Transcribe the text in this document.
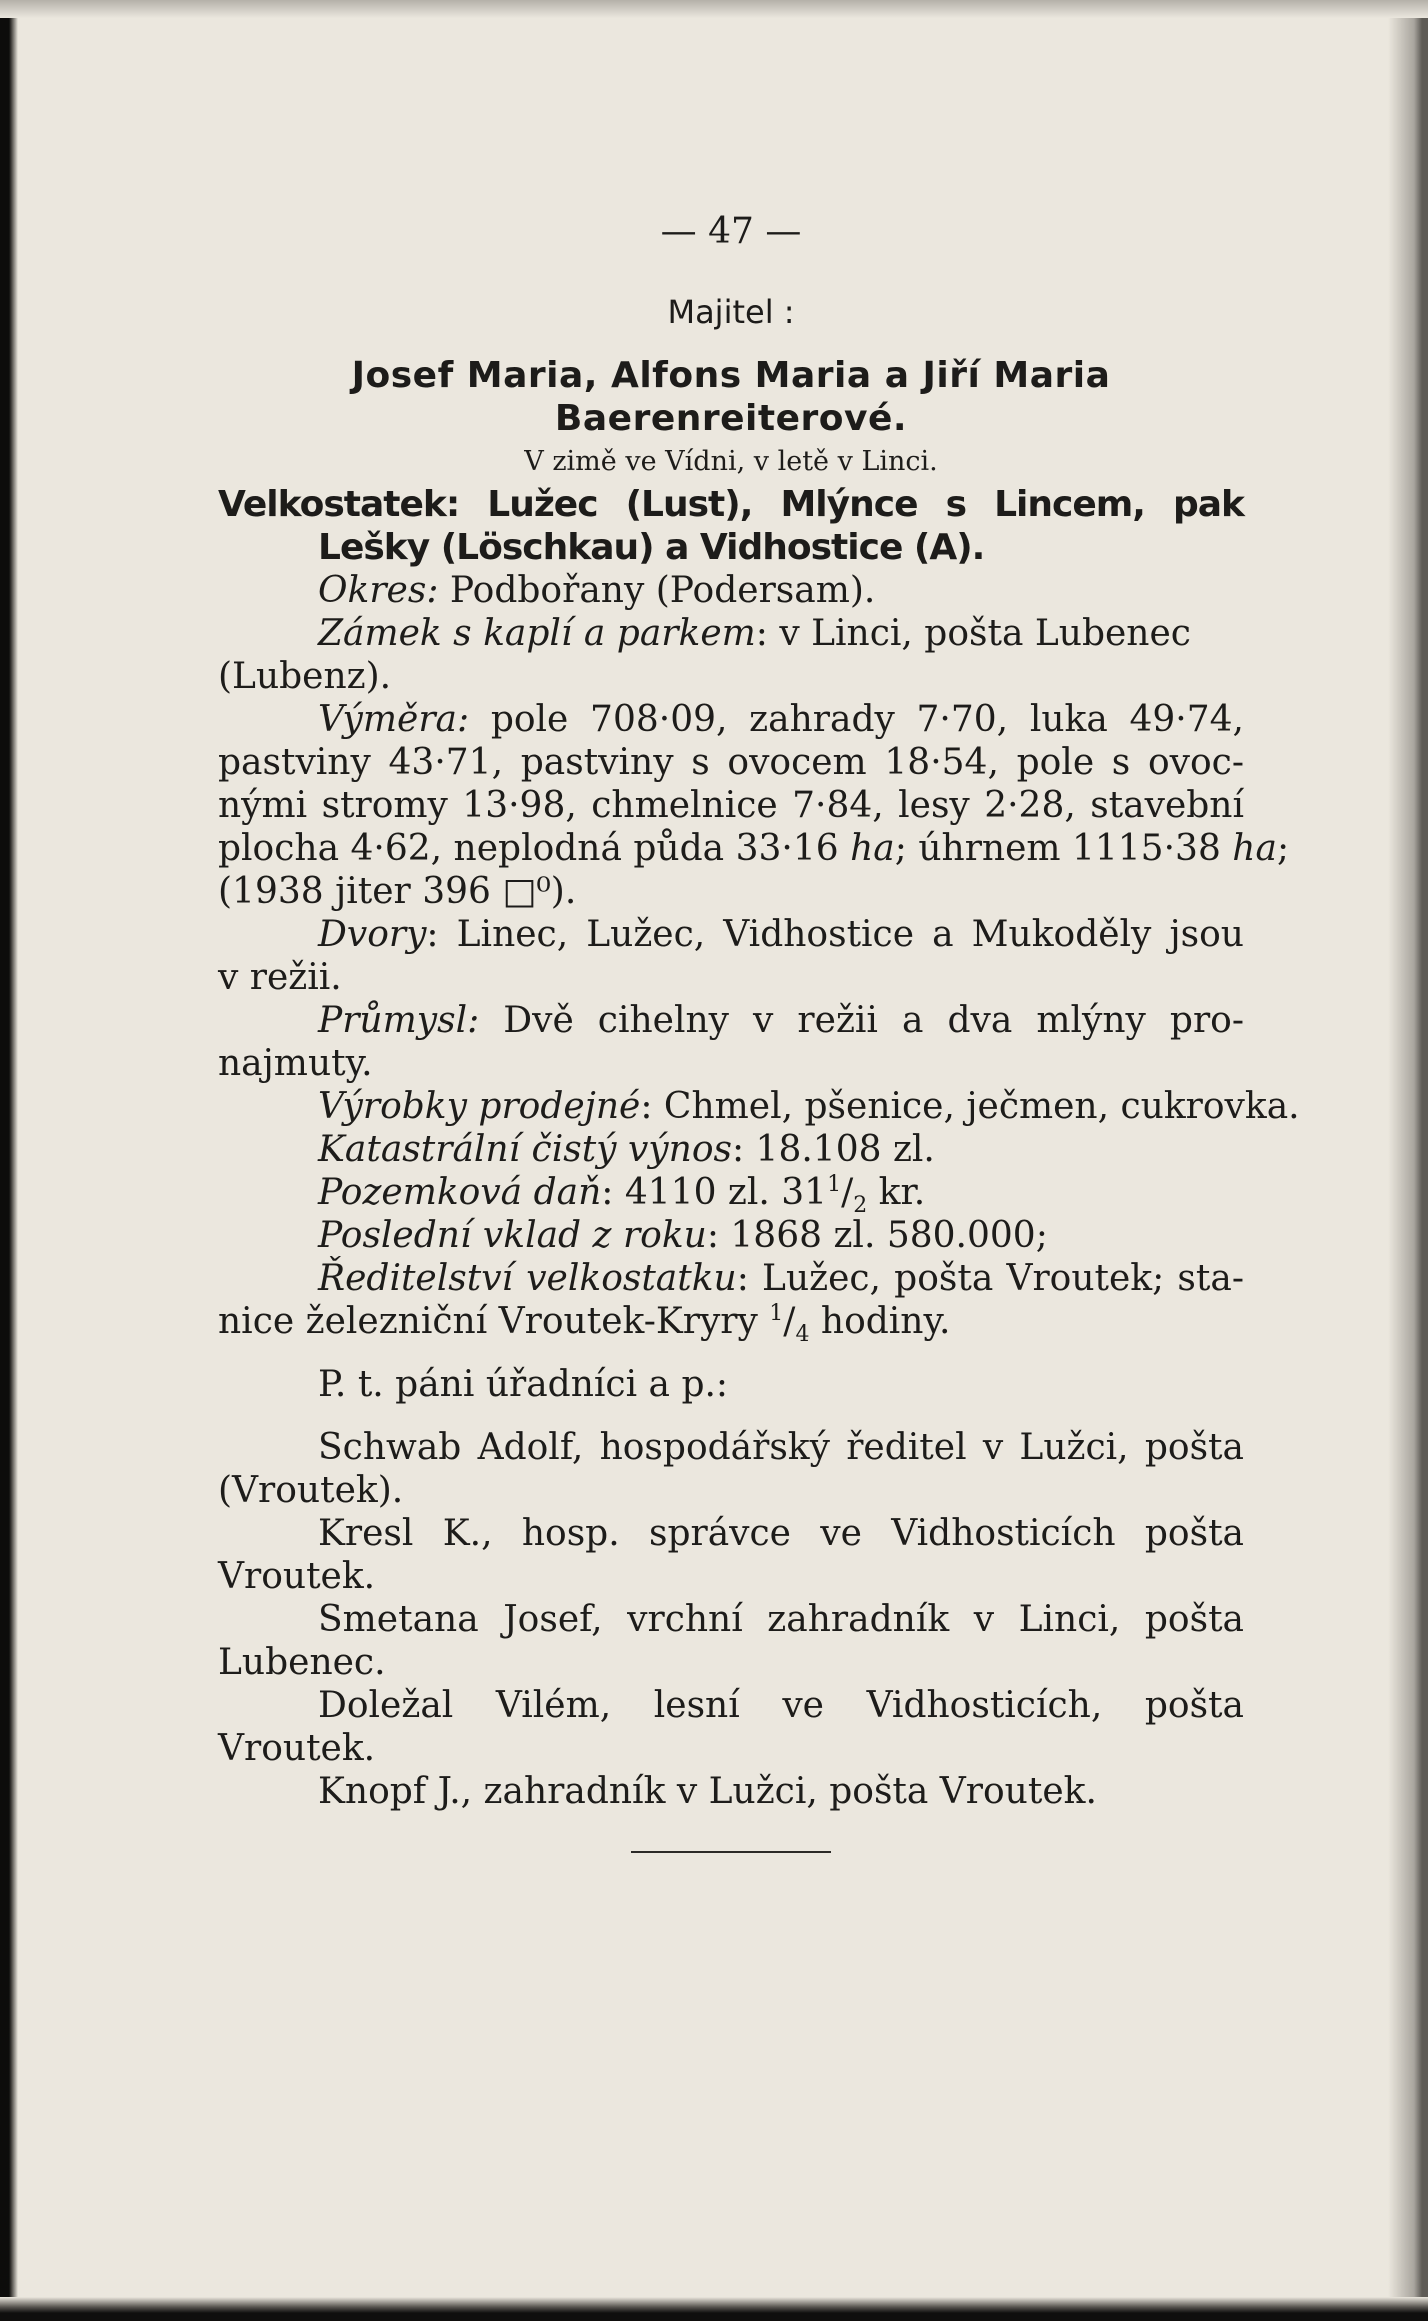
— 47 —
Majitel :
Josef Maria, Alfons Maria a Jiří Maria
Baerenreiterové.
V zimě ve Vídni, v letě v Linci.
Velkostatek: Lužec (Lust), Mlýnce s Lincem, pak
Lešky (Löschkau) a Vidhostice (A).
Okres: Podbořany (Podersam).
Zámek s kaplí a parkem: v Linci, pošta Lubenec
(Lubenz).
Výměra: pole 708·09, zahrady 7·70, luka 49·74,
pastviny 43·71, pastviny s ovocem 18·54, pole s ovoc-
nými stromy 13·98, chmelnice 7·84, lesy 2·28, stavební
plocha 4·62, neplodná půda 33·16 ha; úhrnem 1115·38 ha;
(1938 jiter 396 □⁰).
Dvory: Linec, Lužec, Vidhostice a Mukoděly jsou
v režii.
Průmysl: Dvě cihelny v režii a dva mlýny pro-
najmuty.
Výrobky prodejné: Chmel, pšenice, ječmen, cukrovka.
Katastrální čistý výnos: 18.108 zl.
Pozemková daň: 4110 zl. $31^1/_2$ kr.
Poslední vklad z roku: 1868 zl. 580.000;
Ředitelství velkostatku: Lužec, pošta Vroutek; sta-
nice železniční Vroutek-Kryry $^1/_4$ hodiny.
P. t. páni úřadníci a p.:
Schwab Adolf, hospodářský ředitel v Lužci, pošta
(Vroutek).
Kresl K., hosp. správce ve Vidhosticích pošta
Vroutek.
Smetana Josef, vrchní zahradník v Linci, pošta
Lubenec.
Doležal Vilém, lesní ve Vidhosticích, pošta
Vroutek.
Knopf J., zahradník v Lužci, pošta Vroutek.
